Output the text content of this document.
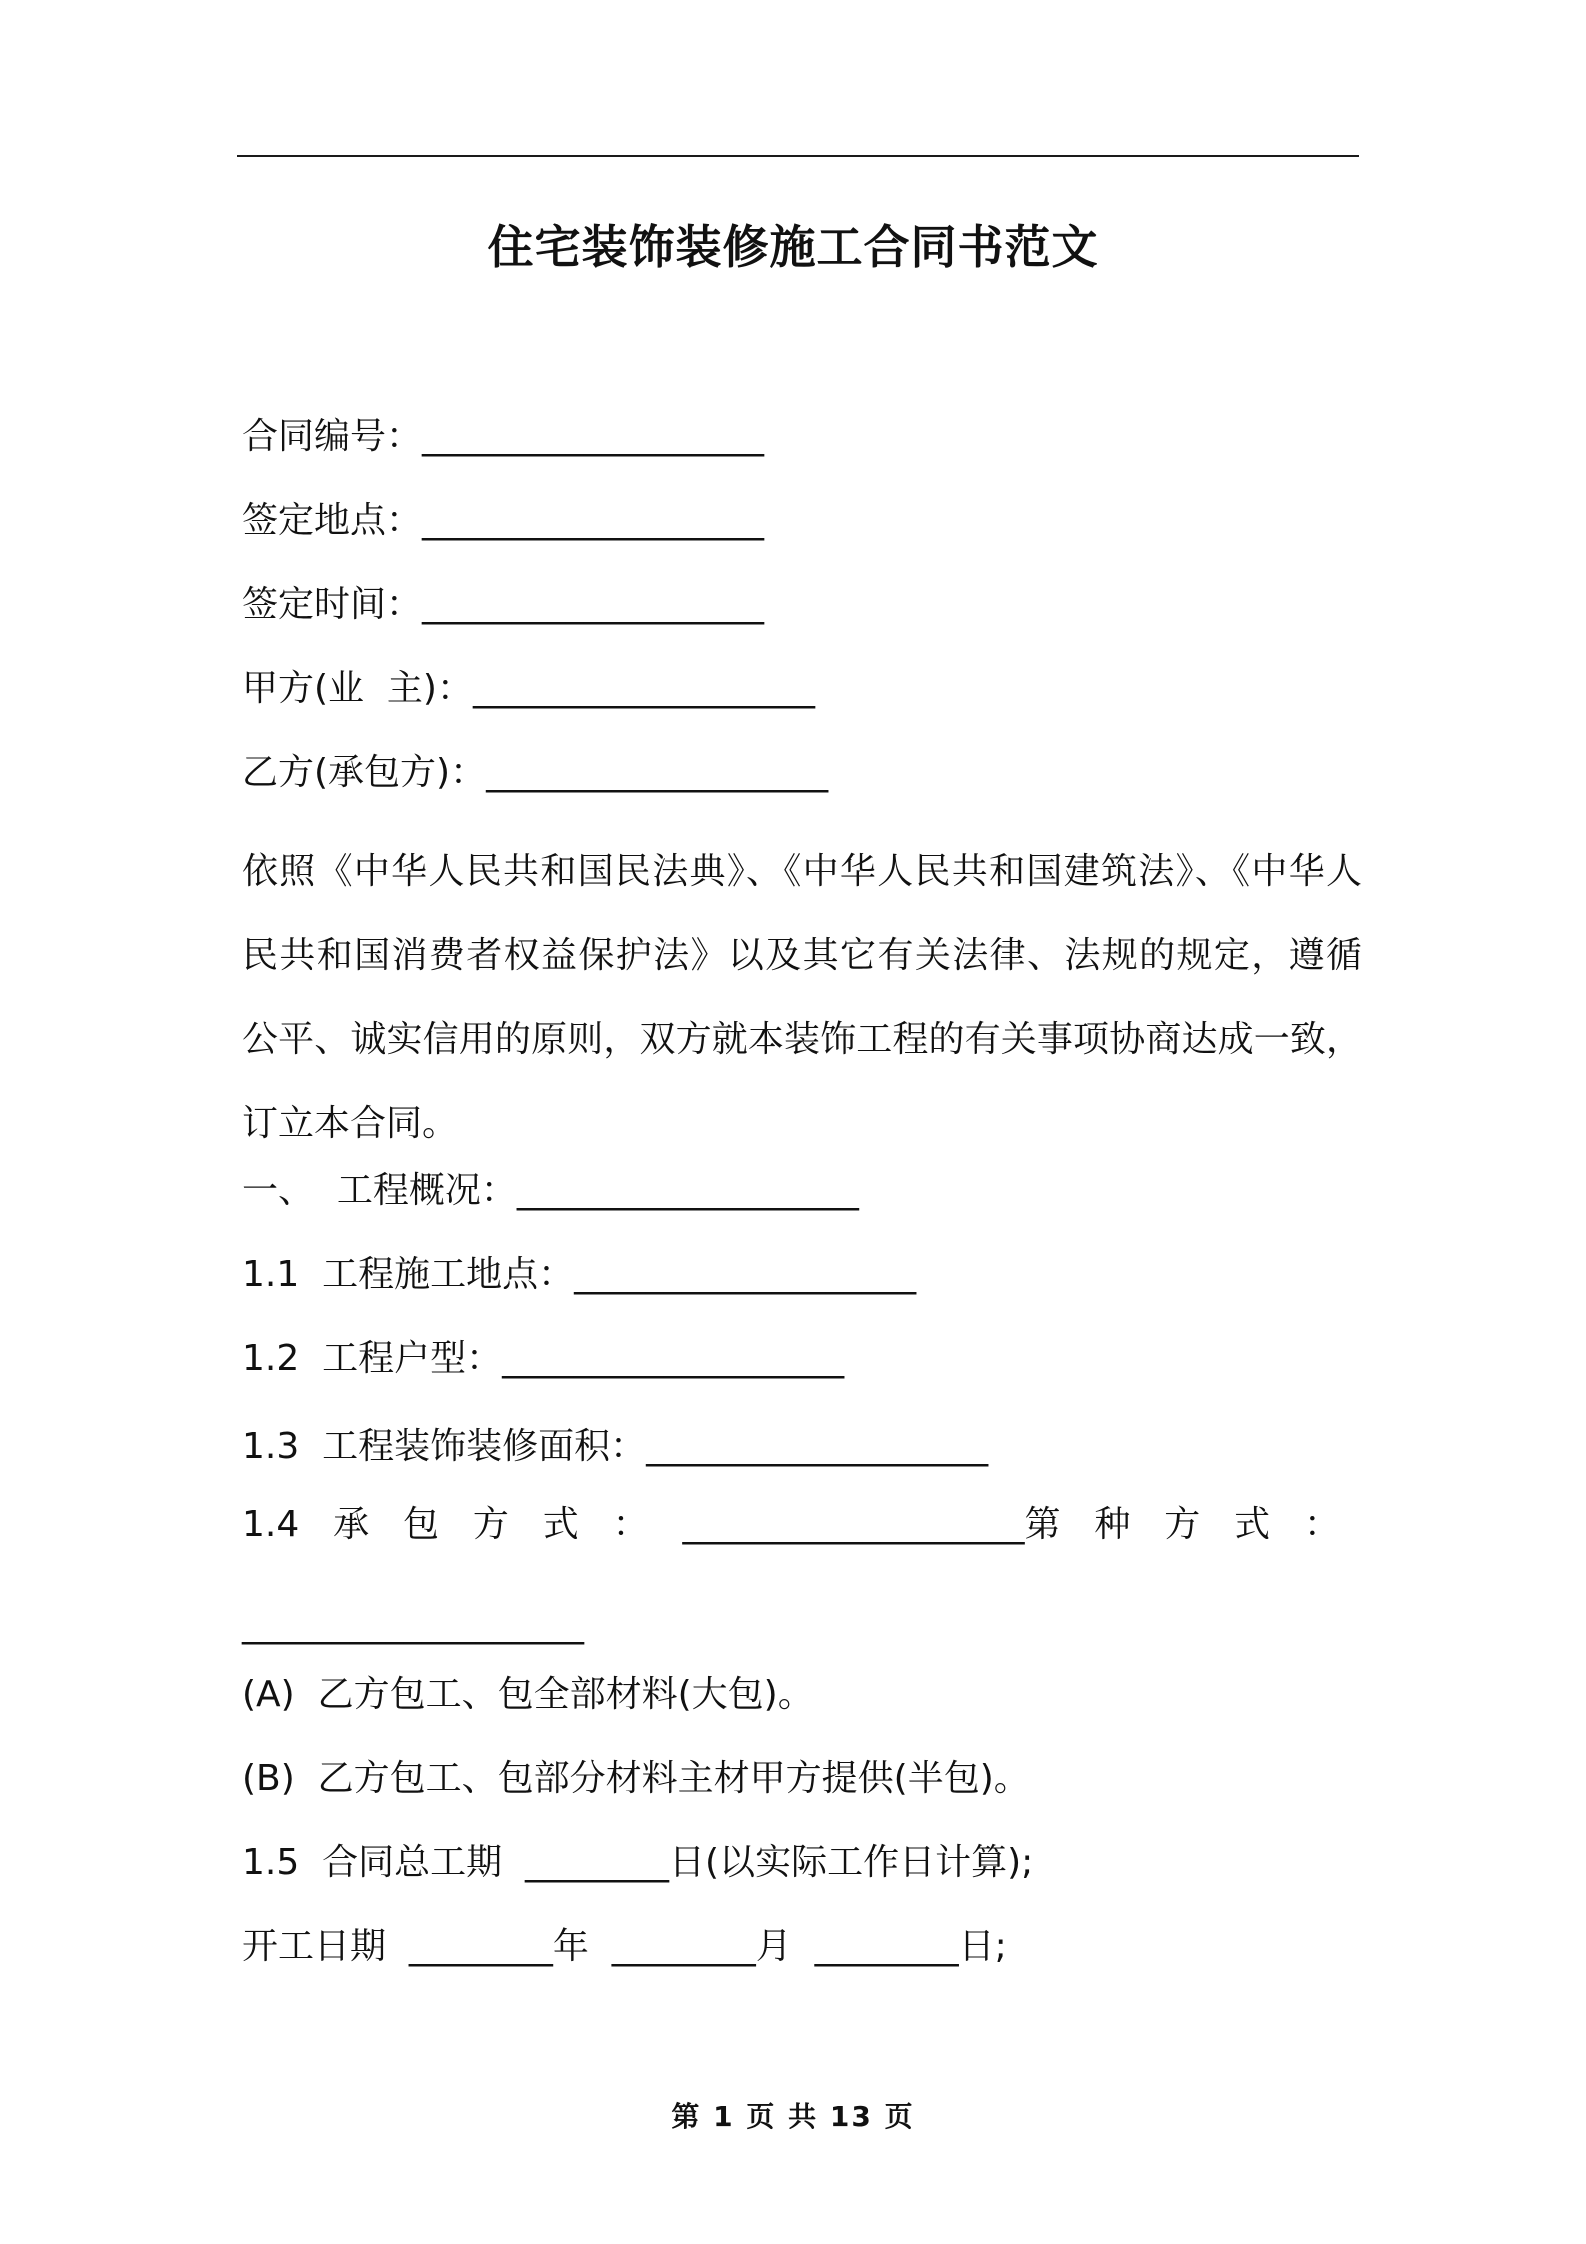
住宅装饰装修施工合同书范文
合同编号：___________________
签定地点：___________________
签定时间：___________________
甲方(业  主)：___________________
乙方(承包方)：___________________
依照《中华人民共和国民法典》、《中华人民共和国建筑法》、《中华人
民共和国消费者权益保护法》以及其它有关法律、法规的规定，遵循
公平、诚实信用的原则，双方就本装饰工程的有关事项协商达成一致，
订立本合同。
一、  工程概况：___________________
1.1  工程施工地点：___________________
1.2  工程户型：___________________
1.3  工程装饰装修面积：___________________
1.4 承 包 方 式 ： ___________________第 种 方 式 ：
___________________
(A)  乙方包工、包全部材料(大包)。
(B)  乙方包工、包部分材料主材甲方提供(半包)。
1.5  合同总工期  ________日(以实际工作日计算);
开工日期  ________年  ________月  ________日;
第 1 页 共 13 页
